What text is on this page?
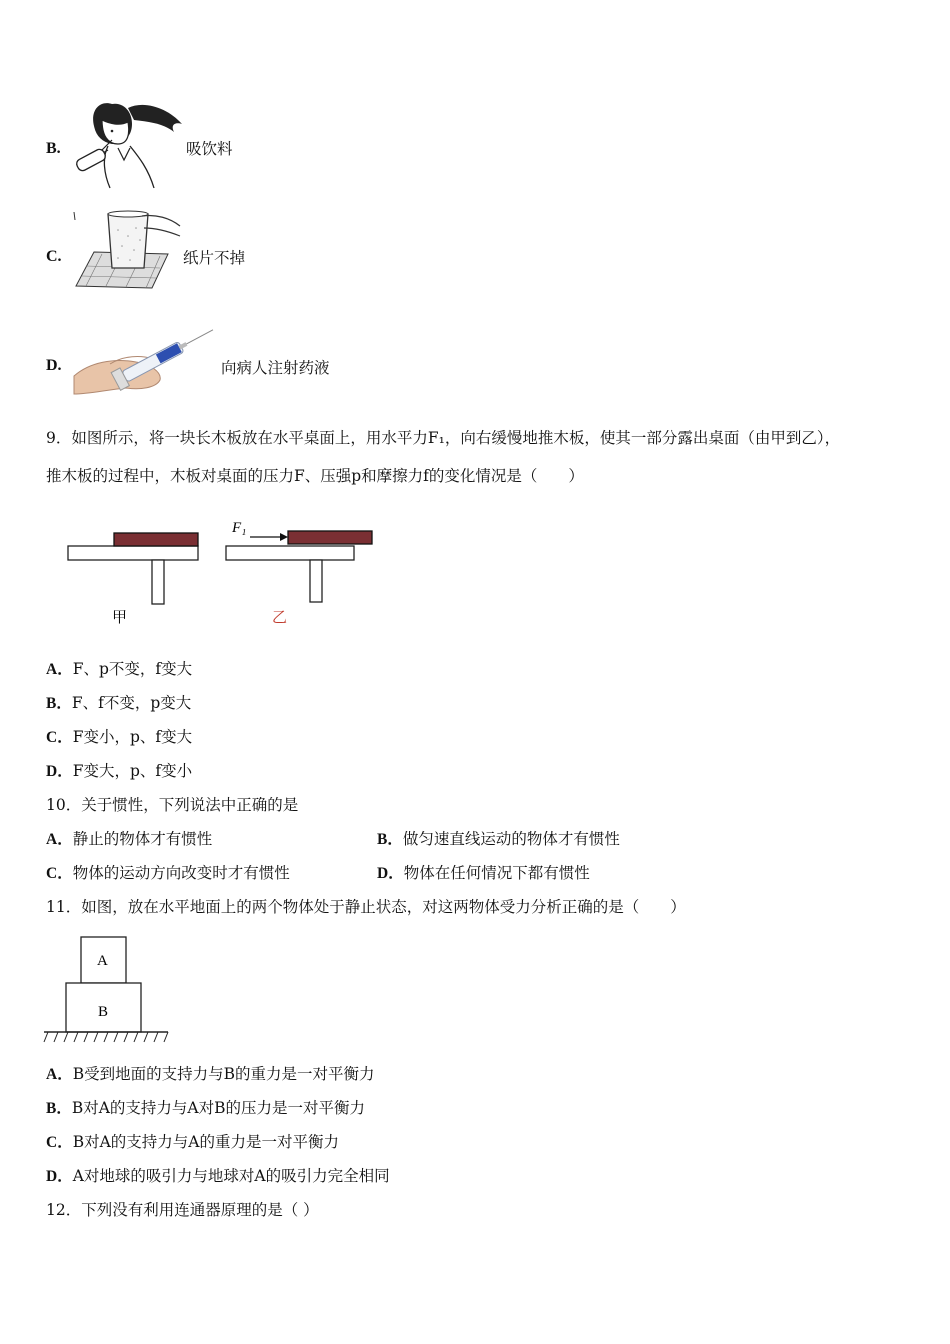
B.	吸饮料
C.	纸片不掉
D.	向病人注射药液
9．如图所示，将一块长木板放在水平桌面上，用水平力F₁，向右缓慢地推木板，使其一部分露出桌面（由甲到乙），
推木板的过程中，木板对桌面的压力F、压强p和摩擦力f的变化情况是（　　）
F₁
甲	乙
A．F、p不变，f变大
B．F、f不变，p变大
C．F变小，p、f变大
D．F变大，p、f变小
10．关于惯性，下列说法中正确的是
A．静止的物体才有惯性	B．做匀速直线运动的物体才有惯性
C．物体的运动方向改变时才有惯性	D．物体在任何情况下都有惯性
11．如图，放在水平地面上的两个物体处于静止状态，对这两物体受力分析正确的是（　　）
A
B
A．B受到地面的支持力与B的重力是一对平衡力
B．B对A的支持力与A对B的压力是一对平衡力
C．B对A的支持力与A的重力是一对平衡力
D．A对地球的吸引力与地球对A的吸引力完全相同
12．下列没有利用连通器原理的是（ ）
